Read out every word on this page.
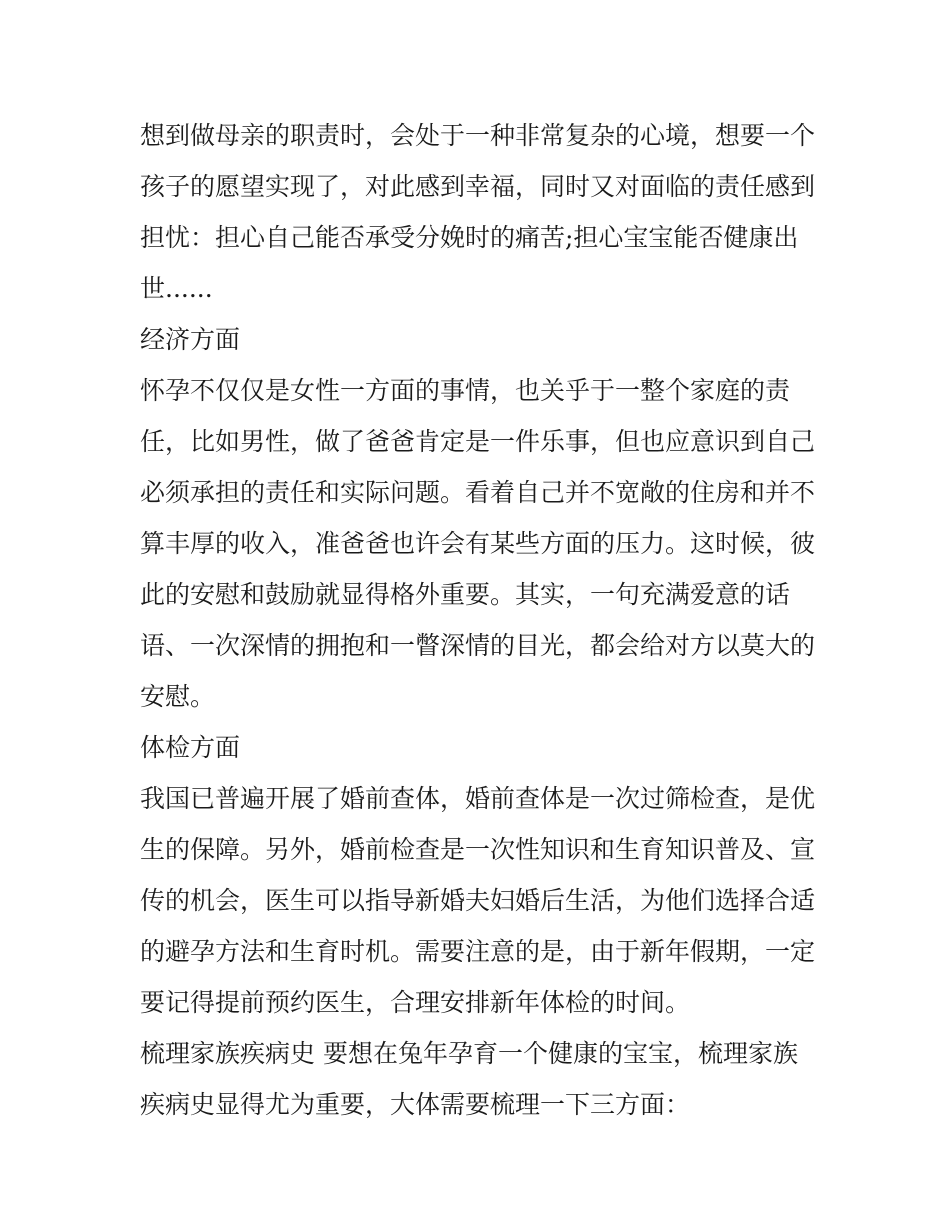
想到做母亲的职责时，会处于一种非常复杂的心境，想要一个
孩子的愿望实现了，对此感到幸福，同时又对面临的责任感到
担忧：担心自己能否承受分娩时的痛苦;担心宝宝能否健康出
世......
经济方面
怀孕不仅仅是女性一方面的事情，也关乎于一整个家庭的责
任，比如男性，做了爸爸肯定是一件乐事，但也应意识到自己
必须承担的责任和实际问题。看着自己并不宽敞的住房和并不
算丰厚的收入，准爸爸也许会有某些方面的压力。这时候，彼
此的安慰和鼓励就显得格外重要。其实，一句充满爱意的话
语、一次深情的拥抱和一瞥深情的目光，都会给对方以莫大的
安慰。
体检方面
我国已普遍开展了婚前查体，婚前查体是一次过筛检查，是优
生的保障。另外，婚前检查是一次性知识和生育知识普及、宣
传的机会，医生可以指导新婚夫妇婚后生活，为他们选择合适
的避孕方法和生育时机。需要注意的是，由于新年假期，一定
要记得提前预约医生，合理安排新年体检的时间。
梳理家族疾病史 要想在兔年孕育一个健康的宝宝，梳理家族
疾病史显得尤为重要，大体需要梳理一下三方面：
